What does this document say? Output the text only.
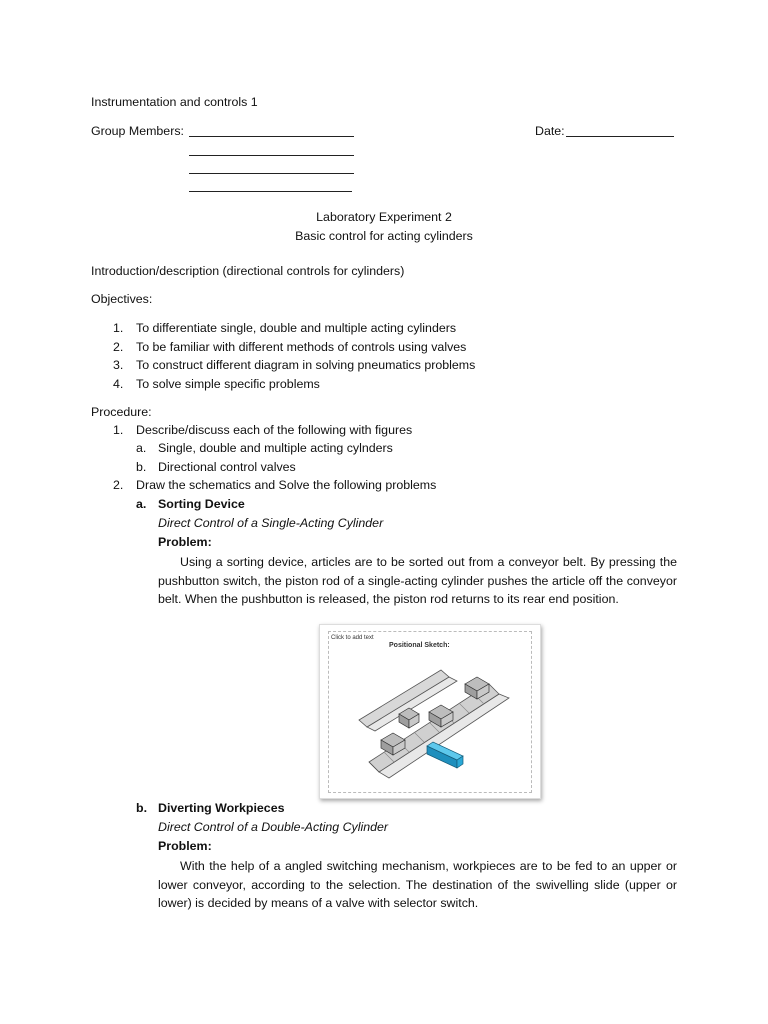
Instrumentation and controls 1
Group Members:	Date:
Laboratory Experiment 2
Basic control for acting cylinders
Introduction/description (directional controls for cylinders)
Objectives:
1. To differentiate single, double and multiple acting cylinders
2. To be familiar with different methods of controls using valves
3. To construct different diagram in solving pneumatics problems
4. To solve simple specific problems
Procedure:
1. Describe/discuss each of the following with figures
a. Single, double and multiple acting cylnders
b. Directional control valves
2. Draw the schematics and Solve the following problems
a. Sorting Device
Direct Control of a Single-Acting Cylinder
Problem:
Using a sorting device, articles are to be sorted out from a conveyor belt. By pressing the pushbutton switch, the piston rod of a single-acting cylinder pushes the article off the conveyor belt. When the pushbutton is released, the piston rod returns to its rear end position.
Click to add text
Positional Sketch:
b. Diverting Workpieces
Direct Control of a Double-Acting Cylinder
Problem:
With the help of a angled switching mechanism, workpieces are to be fed to an upper or lower conveyor, according to the selection. The destination of the swivelling slide (upper or lower) is decided by means of a valve with selector switch.
